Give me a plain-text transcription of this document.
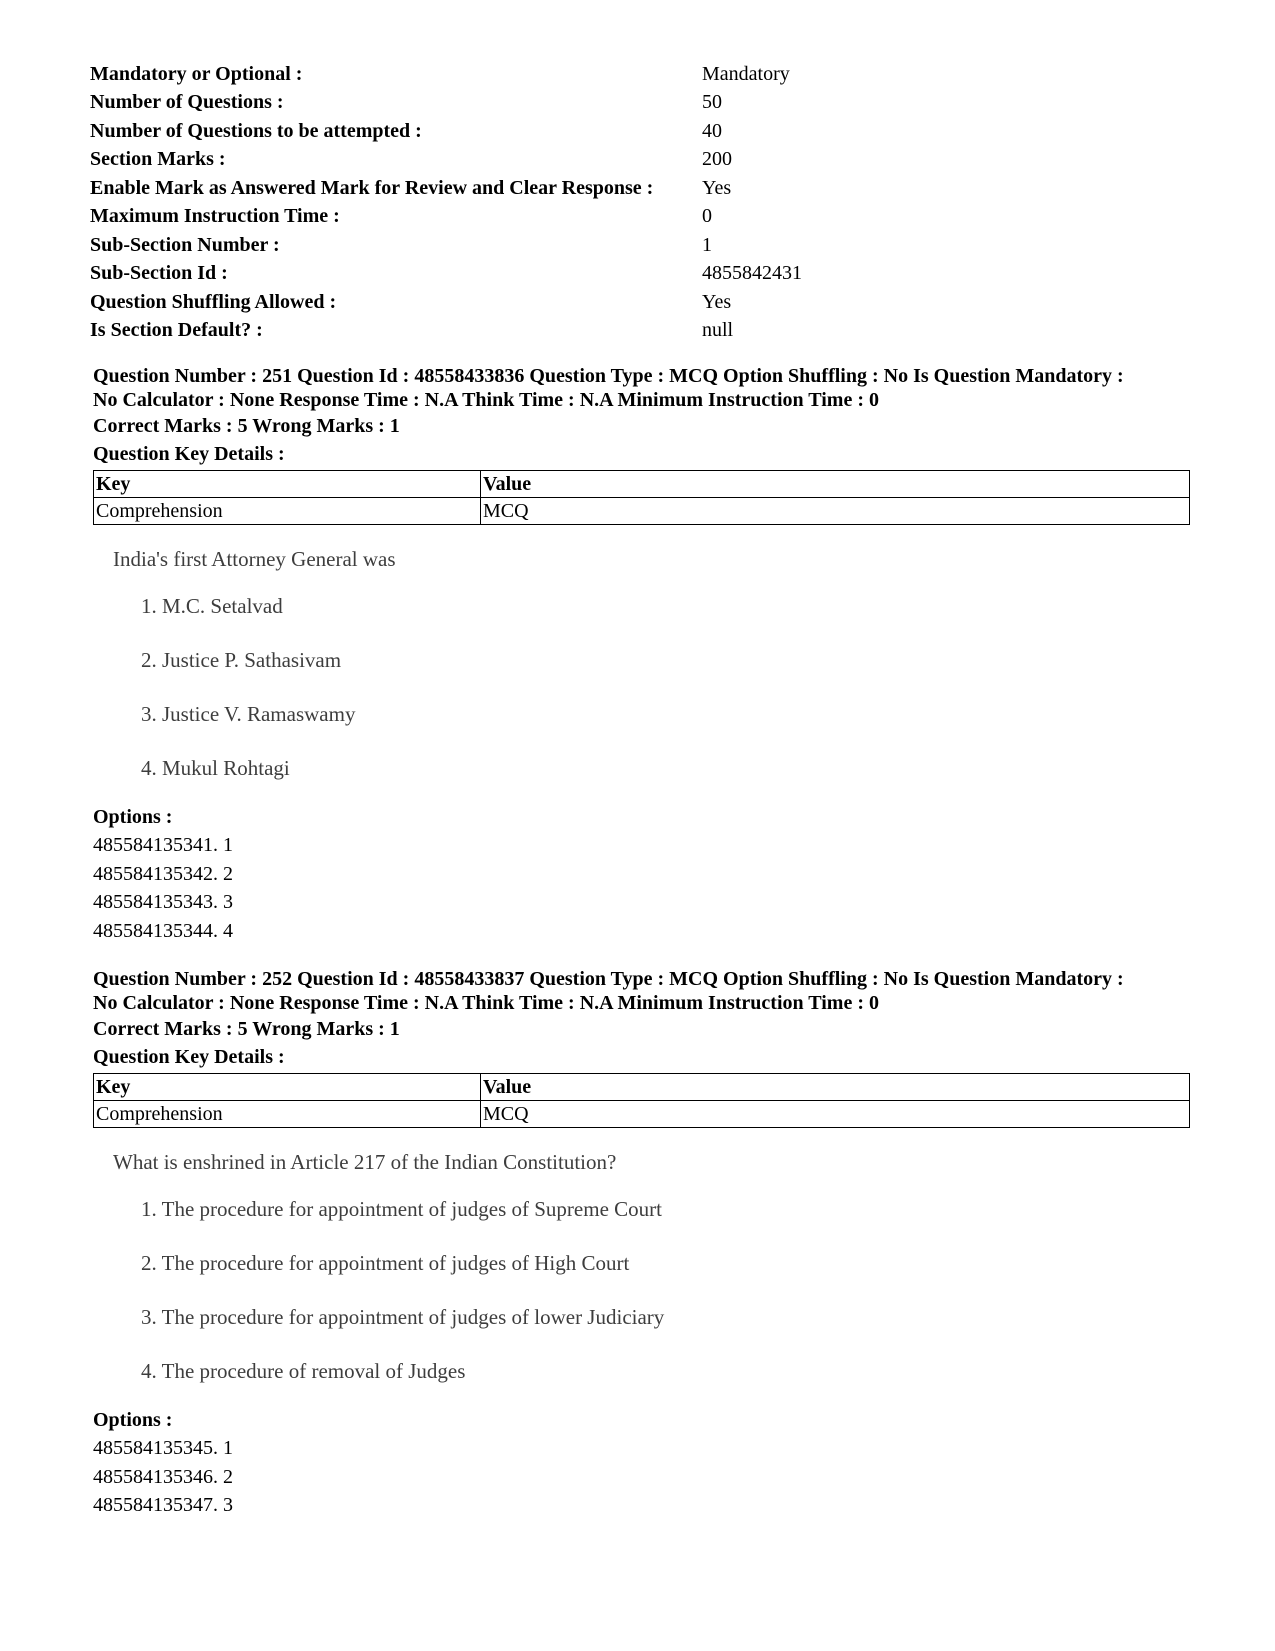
Mandatory or Optional :	Mandatory
Number of Questions :	50
Number of Questions to be attempted :	40
Section Marks :	200
Enable Mark as Answered Mark for Review and Clear Response :	Yes
Maximum Instruction Time :	0
Sub-Section Number :	1
Sub-Section Id :	4855842431
Question Shuffling Allowed :	Yes
Is Section Default? :	null
Question Number : 251 Question Id : 48558433836 Question Type : MCQ Option Shuffling : No Is Question Mandatory :
No Calculator : None Response Time : N.A Think Time : N.A Minimum Instruction Time : 0
Correct Marks : 5 Wrong Marks : 1
Question Key Details :
Key	Value
Comprehension	MCQ
India's first Attorney General was
1. M.C. Setalvad
2. Justice P. Sathasivam
3. Justice V. Ramaswamy
4. Mukul Rohtagi
Options :
485584135341. 1
485584135342. 2
485584135343. 3
485584135344. 4
Question Number : 252 Question Id : 48558433837 Question Type : MCQ Option Shuffling : No Is Question Mandatory :
No Calculator : None Response Time : N.A Think Time : N.A Minimum Instruction Time : 0
Correct Marks : 5 Wrong Marks : 1
Question Key Details :
Key	Value
Comprehension	MCQ
What is enshrined in Article 217 of the Indian Constitution?
1. The procedure for appointment of judges of Supreme Court
2. The procedure for appointment of judges of High Court
3. The procedure for appointment of judges of lower Judiciary
4. The procedure of removal of Judges
Options :
485584135345. 1
485584135346. 2
485584135347. 3
